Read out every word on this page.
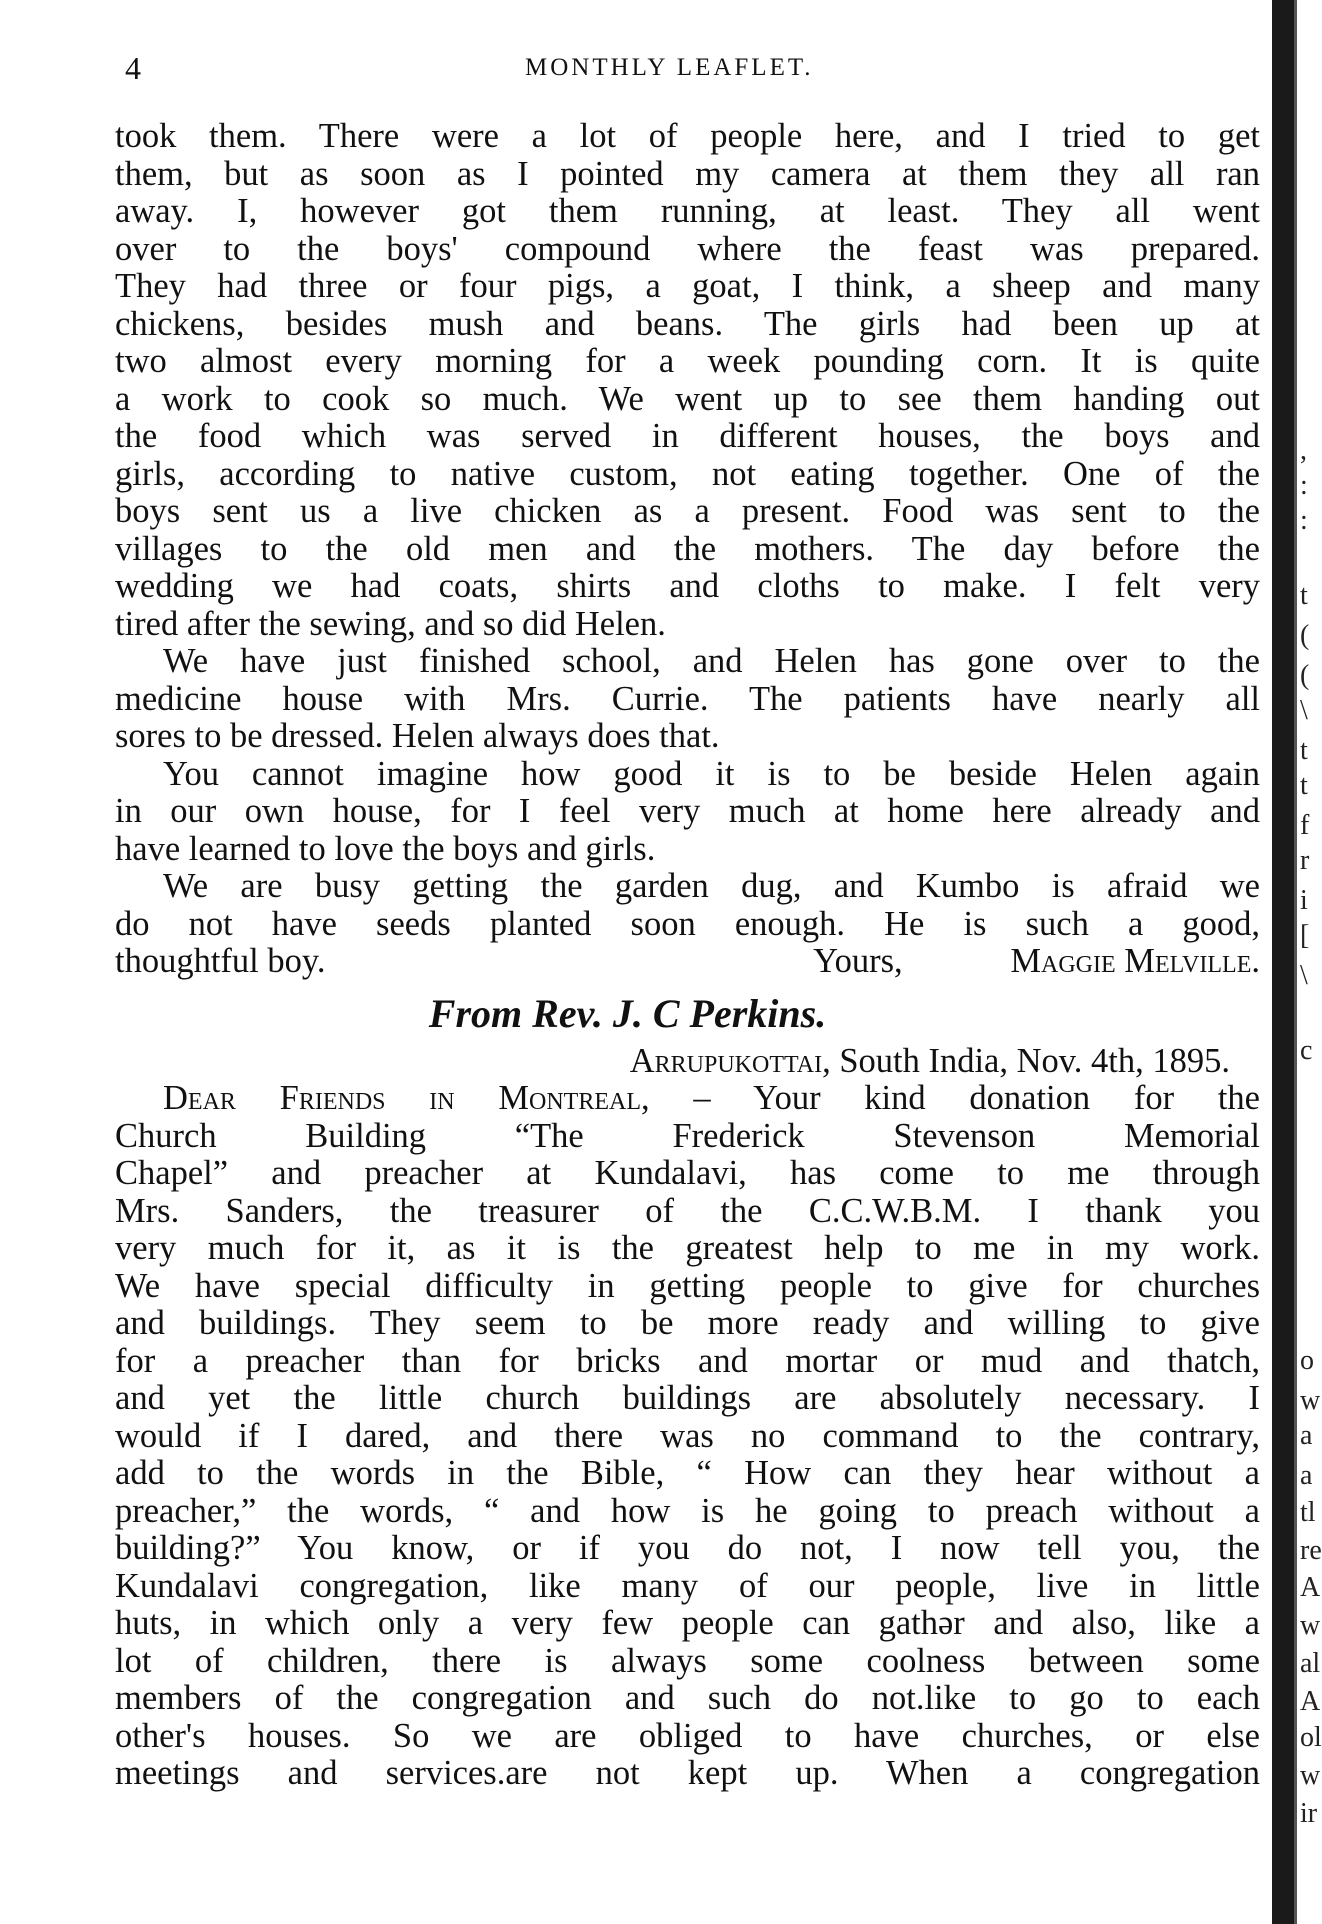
4	MONTHLY LEAFLET.
took them. There were a lot of people here, and I tried to get
them, but as soon as I pointed my camera at them they all ran
away. I, however got them running, at least. They all went
over to the boys' compound where the feast was prepared.
They had three or four pigs, a goat, I think, a sheep and many
chickens, besides mush and beans. The girls had been up at
two almost every morning for a week pounding corn. It is quite
a work to cook so much. We went up to see them handing out
the food which was served in different houses, the boys and
girls, according to native custom, not eating together. One of the
boys sent us a live chicken as a present. Food was sent to the
villages to the old men and the mothers. The day before the
wedding we had coats, shirts and cloths to make. I felt very
tired after the sewing, and so did Helen.
We have just finished school, and Helen has gone over to the
medicine house with Mrs. Currie. The patients have nearly all
sores to be dressed. Helen always does that.
You cannot imagine how good it is to be beside Helen again
in our own house, for I feel very much at home here already and
have learned to love the boys and girls.
We are busy getting the garden dug, and Kumbo is afraid we
do not have seeds planted soon enough. He is such a good,
thoughtful boy.	Yours,	Maggie Melville.
From Rev. J. C Perkins.
Arrupukottai, South India, Nov. 4th, 1895.
Dear Friends in Montreal, – Your kind donation for the
Church Building “The Frederick Stevenson Memorial
Chapel” and preacher at Kundalavi, has come to me through
Mrs. Sanders, the treasurer of the C.C.W.B.M. I thank you
very much for it, as it is the greatest help to me in my work.
We have special difficulty in getting people to give for churches
and buildings. They seem to be more ready and willing to give
for a preacher than for bricks and mortar or mud and thatch,
and yet the little church buildings are absolutely necessary. I
would if I dared, and there was no command to the contrary,
add to the words in the Bible, “ How can they hear without a
preacher,” the words, “ and how is he going to preach without a
building?” You know, or if you do not, I now tell you, the
Kundalavi congregation, like many of our people, live in little
huts, in which only a very few people can gathər and also, like a
lot of children, there is always some coolness between some
members of the congregation and such do not.like to go to each
other's houses. So we are obliged to have churches, or else
meetings and services.are not kept up. When a congregation
,
:
:
t
(
(
\
t
t
f
r
i
[
\
c
o
w
a
a
tl
re
A
w
al
A
ol
w
ir
